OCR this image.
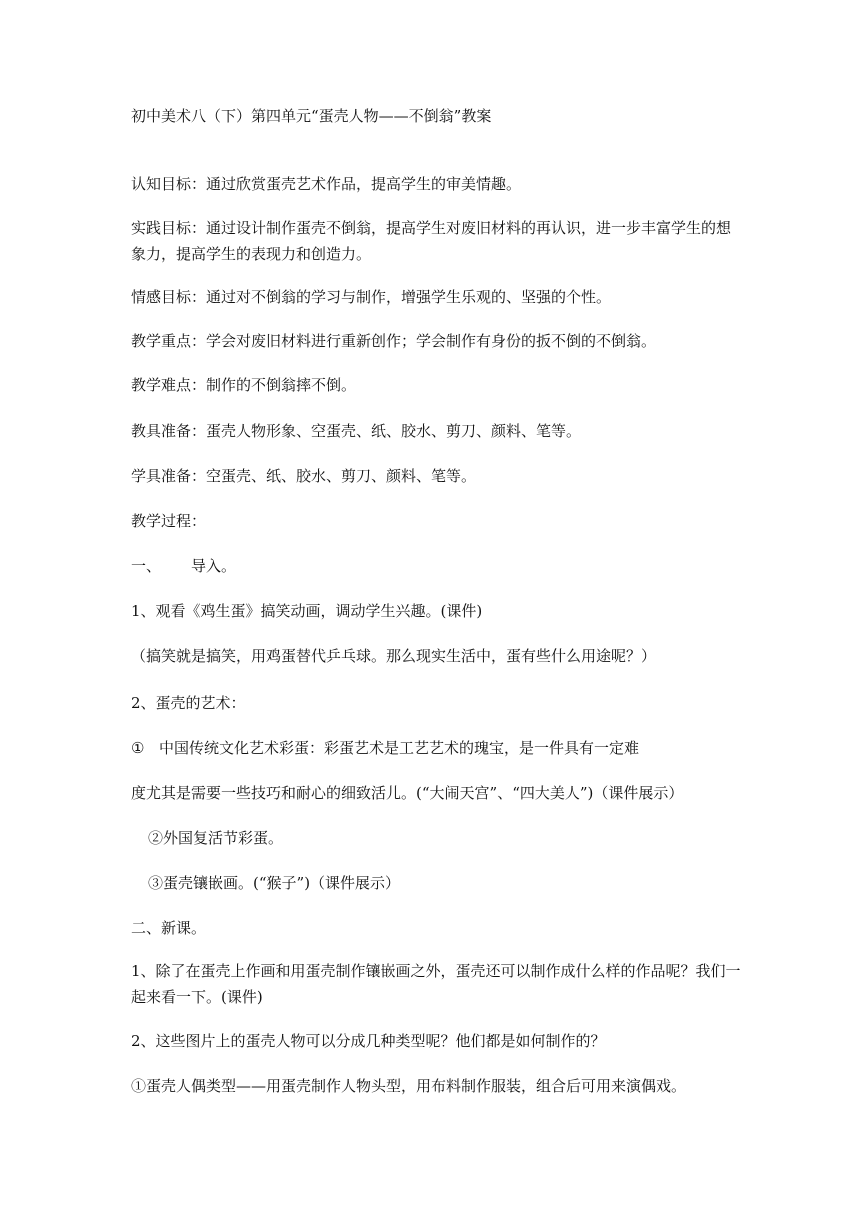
初中美术八（下）第四单元“蛋壳人物——不倒翁”教案
认知目标：通过欣赏蛋壳艺术作品，提高学生的审美情趣。
实践目标：通过设计制作蛋壳不倒翁，提高学生对废旧材料的再认识，进一步丰富学生的想象力，提高学生的表现力和创造力。
情感目标：通过对不倒翁的学习与制作，增强学生乐观的、坚强的个性。
教学重点：学会对废旧材料进行重新创作；学会制作有身份的扳不倒的不倒翁。
教学难点：制作的不倒翁摔不倒。
教具准备：蛋壳人物形象、空蛋壳、纸、胶水、剪刀、颜料、笔等。
学具准备：空蛋壳、纸、胶水、剪刀、颜料、笔等。
教学过程：
一、 导入。
1、观看《鸡生蛋》搞笑动画，调动学生兴趣。(课件)
（搞笑就是搞笑，用鸡蛋替代乒乓球。那么现实生活中，蛋有些什么用途呢？）
2、蛋壳的艺术：
① 中国传统文化艺术彩蛋：彩蛋艺术是工艺艺术的瑰宝，是一件具有一定难
度尤其是需要一些技巧和耐心的细致活儿。(“大闹天宫”、“四大美人”)（课件展示）
②外国复活节彩蛋。
③蛋壳镶嵌画。(“猴子”)（课件展示）
二、新课。
1、除了在蛋壳上作画和用蛋壳制作镶嵌画之外，蛋壳还可以制作成什么样的作品呢？我们一起来看一下。(课件)
2、这些图片上的蛋壳人物可以分成几种类型呢？他们都是如何制作的？
①蛋壳人偶类型——用蛋壳制作人物头型，用布料制作服装，组合后可用来演偶戏。
